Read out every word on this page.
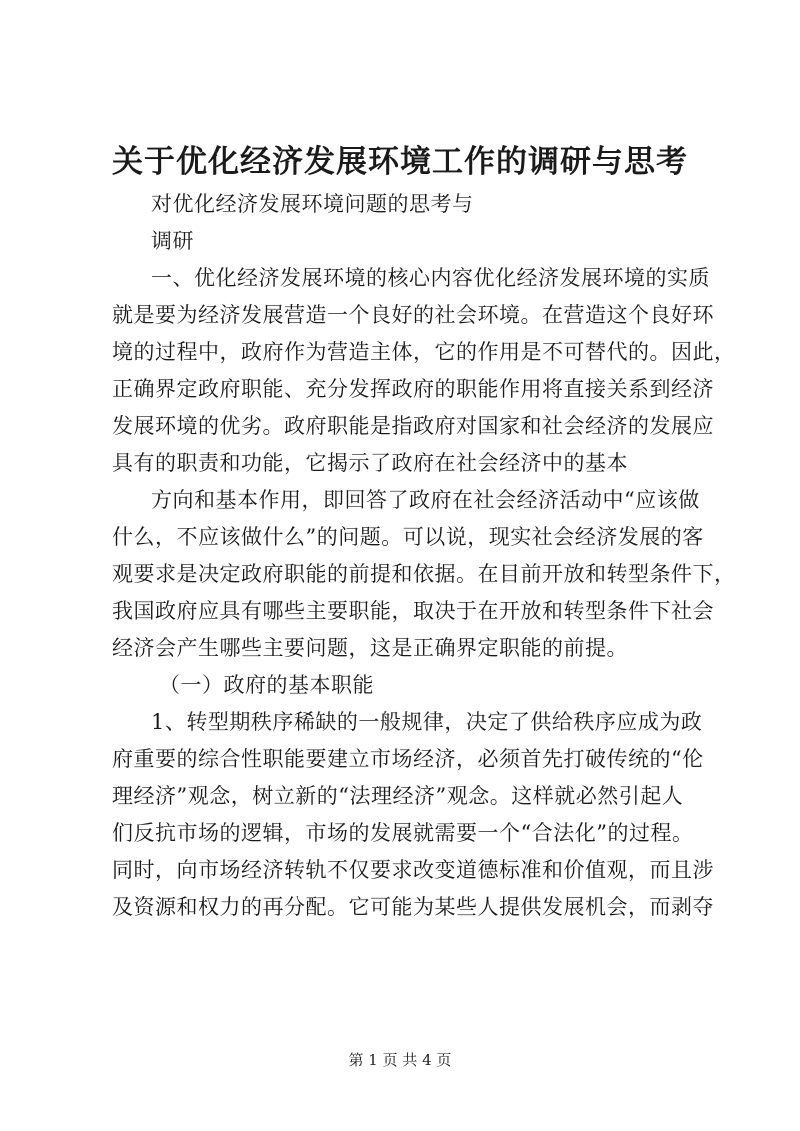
关于优化经济发展环境工作的调研与思考
对优化经济发展环境问题的思考与
调研
一、优化经济发展环境的核心内容优化经济发展环境的实质
就是要为经济发展营造一个良好的社会环境。在营造这个良好环
境的过程中，政府作为营造主体，它的作用是不可替代的。因此，
正确界定政府职能、充分发挥政府的职能作用将直接关系到经济
发展环境的优劣。政府职能是指政府对国家和社会经济的发展应
具有的职责和功能，它揭示了政府在社会经济中的基本
方向和基本作用，即回答了政府在社会经济活动中“应该做
什么，不应该做什么”的问题。可以说，现实社会经济发展的客
观要求是决定政府职能的前提和依据。在目前开放和转型条件下，
我国政府应具有哪些主要职能，取决于在开放和转型条件下社会
经济会产生哪些主要问题，这是正确界定职能的前提。
（一）政府的基本职能
1、转型期秩序稀缺的一般规律，决定了供给秩序应成为政
府重要的综合性职能要建立市场经济，必须首先打破传统的“伦
理经济”观念，树立新的“法理经济”观念。这样就必然引起人
们反抗市场的逻辑，市场的发展就需要一个“合法化”的过程。
同时，向市场经济转轨不仅要求改变道德标准和价值观，而且涉
及资源和权力的再分配。它可能为某些人提供发展机会，而剥夺
第 1 页 共 4 页
